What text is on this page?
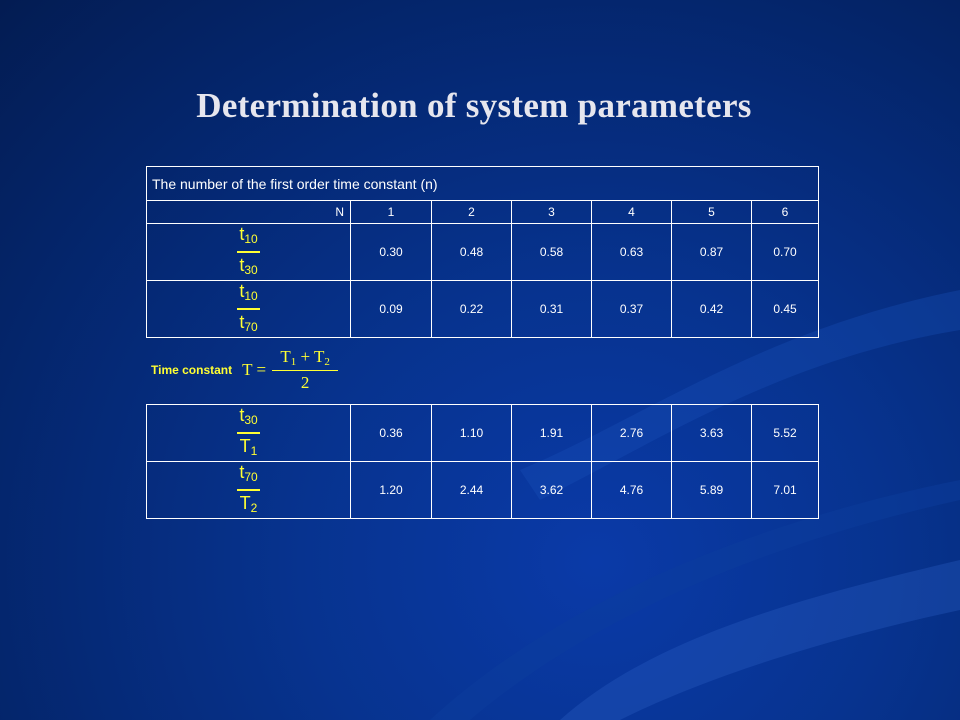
Determination of system parameters
The number of the first order time constant (n)						
N	1	2	3	4	5	6

$\frac{t_{10}}{t_{30}}$	0.30	0.48	0.58	0.63	0.87	0.70

$\frac{t_{10}}{t_{70}}$	0.09	0.22	0.31	0.37	0.42	0.45
Time constant $T = \frac{T_1 + T_2}{2}$
$\frac{t_{30}}{T_1}$	0.36	1.10	1.91	2.76	3.63	5.52

$\frac{t_{70}}{T_2}$	1.20	2.44	3.62	4.76	5.89	7.01
